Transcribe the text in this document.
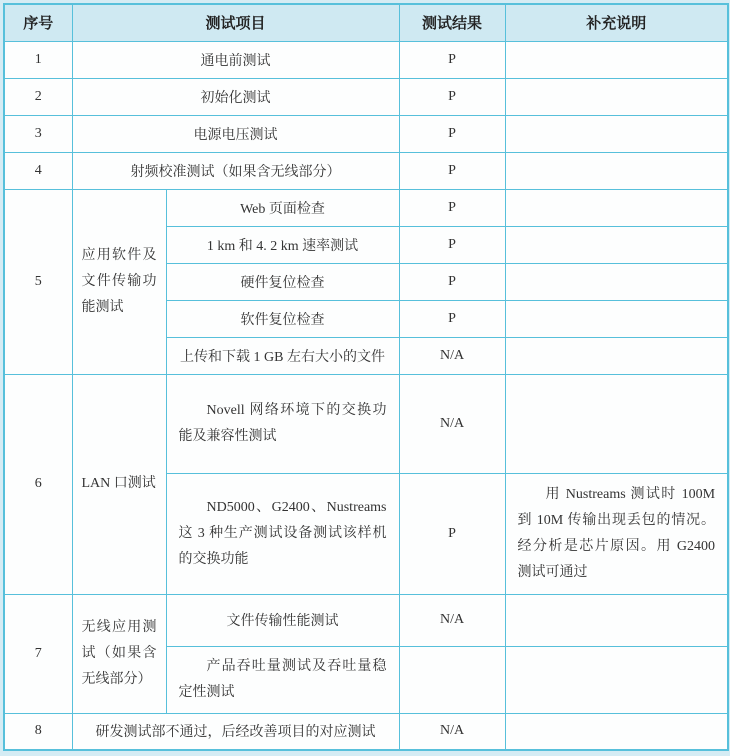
序号	测试项目		测试结果	补充说明
1	通电前测试		P	
2	初始化测试		P	
3	电源电压测试		P	
4	射频校准测试（如果含无线部分）		P	
5	应用软件及文件传输功能测试	Web 页面检查	P	
		1 km 和 4. 2 km 速率测试	P	
		硬件复位检查	P	
		软件复位检查	P	
		上传和下载 1 GB 左右大小的文件	N/A	
6	LAN 口测试	Novell 网络环境下的交换功能及兼容性测试	N/A	
		ND5000、G2400、Nustreams 这 3 种生产测试设备测试该样机的交换功能	P	用 Nustreams 测试时 100M 到 10M 传输出现丢包的情况。经分析是芯片原因。用 G2400 测试可通过
7	无线应用测试（如果含无线部分）	文件传输性能测试	N/A	
		产品吞吐量测试及吞吐量稳定性测试		
8	研发测试部不通过，后经改善项目的对应测试		N/A	
